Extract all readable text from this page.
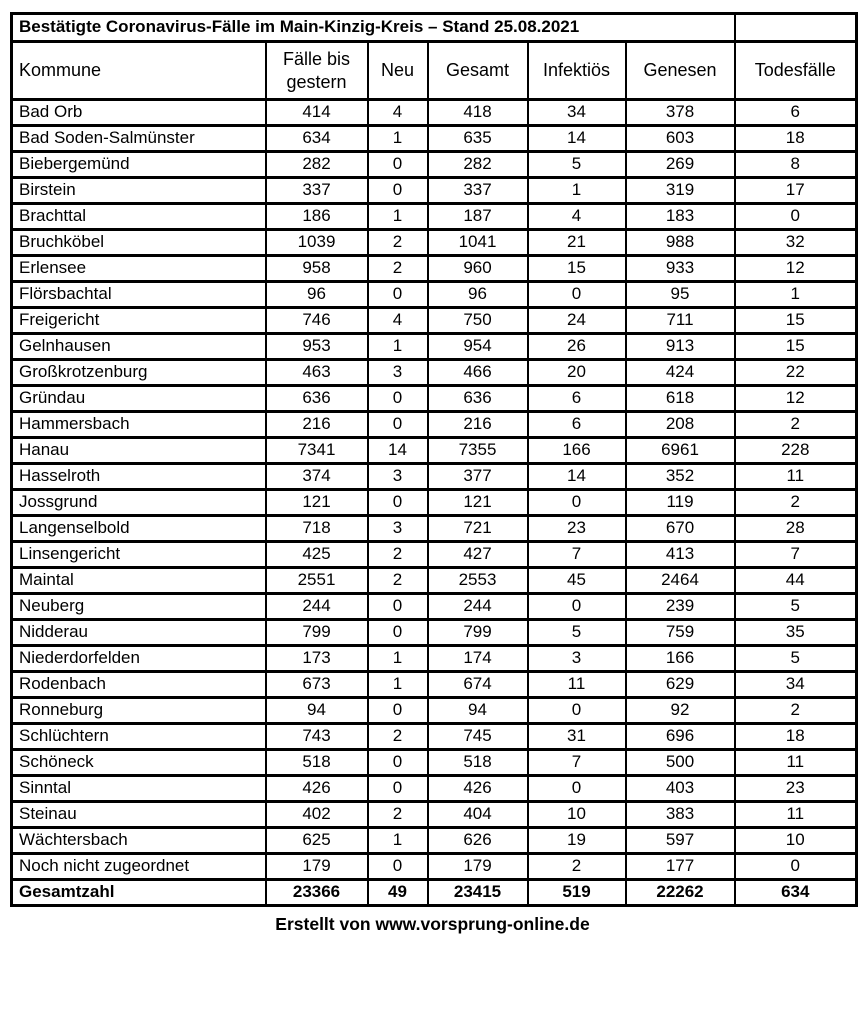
Bestätigte Coronavirus-Fälle im Main-Kinzig-Kreis – Stand 25.08.2021						
Kommune	Fälle bis gestern	Neu	Gesamt	Infektiös	Genesen	Todesfälle
Bad Orb	414	4	418	34	378	6
Bad Soden-Salmünster	634	1	635	14	603	18
Biebergemünd	282	0	282	5	269	8
Birstein	337	0	337	1	319	17
Brachttal	186	1	187	4	183	0
Bruchköbel	1039	2	1041	21	988	32
Erlensee	958	2	960	15	933	12
Flörsbachtal	96	0	96	0	95	1
Freigericht	746	4	750	24	711	15
Gelnhausen	953	1	954	26	913	15
Großkrotzenburg	463	3	466	20	424	22
Gründau	636	0	636	6	618	12
Hammersbach	216	0	216	6	208	2
Hanau	7341	14	7355	166	6961	228
Hasselroth	374	3	377	14	352	11
Jossgrund	121	0	121	0	119	2
Langenselbold	718	3	721	23	670	28
Linsengericht	425	2	427	7	413	7
Maintal	2551	2	2553	45	2464	44
Neuberg	244	0	244	0	239	5
Nidderau	799	0	799	5	759	35
Niederdorfelden	173	1	174	3	166	5
Rodenbach	673	1	674	11	629	34
Ronneburg	94	0	94	0	92	2
Schlüchtern	743	2	745	31	696	18
Schöneck	518	0	518	7	500	11
Sinntal	426	0	426	0	403	23
Steinau	402	2	404	10	383	11
Wächtersbach	625	1	626	19	597	10
Noch nicht zugeordnet	179	0	179	2	177	0
Gesamtzahl	23366	49	23415	519	22262	634
Erstellt von www.vorsprung-online.de
